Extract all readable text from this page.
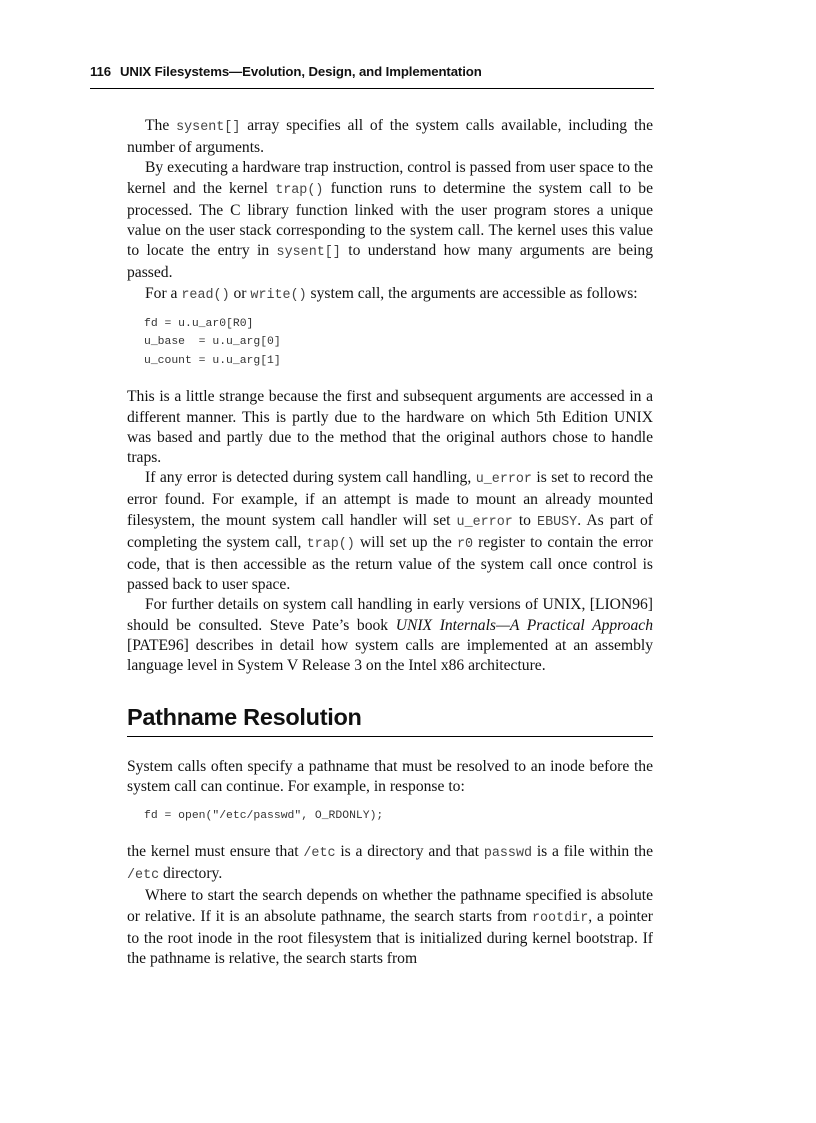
116 UNIX Filesystems—Evolution, Design, and Implementation

The sysent[] array specifies all of the system calls available, including the number of arguments.

By executing a hardware trap instruction, control is passed from user space to the kernel and the kernel trap() function runs to determine the system call to be processed. The C library function linked with the user program stores a unique value on the user stack corresponding to the system call. The kernel uses this value to locate the entry in sysent[] to understand how many arguments are being passed.

For a read() or write() system call, the arguments are accessible as follows:

fd = u.u_ar0[R0]
u_base  = u.u_arg[0]
u_count = u.u_arg[1]

This is a little strange because the first and subsequent arguments are accessed in a different manner. This is partly due to the hardware on which 5th Edition UNIX was based and partly due to the method that the original authors chose to handle traps.

If any error is detected during system call handling, u_error is set to record the error found. For example, if an attempt is made to mount an already mounted filesystem, the mount system call handler will set u_error to EBUSY. As part of completing the system call, trap() will set up the r0 register to contain the error code, that is then accessible as the return value of the system call once control is passed back to user space.

For further details on system call handling in early versions of UNIX, [LION96] should be consulted. Steve Pate’s book UNIX Internals—A Practical Approach [PATE96] describes in detail how system calls are implemented at an assembly language level in System V Release 3 on the Intel x86 architecture.

Pathname Resolution

System calls often specify a pathname that must be resolved to an inode before the system call can continue. For example, in response to:

fd = open("/etc/passwd", O_RDONLY);

the kernel must ensure that /etc is a directory and that passwd is a file within the /etc directory.

Where to start the search depends on whether the pathname specified is absolute or relative. If it is an absolute pathname, the search starts from rootdir, a pointer to the root inode in the root filesystem that is initialized during kernel bootstrap. If the pathname is relative, the search starts from
